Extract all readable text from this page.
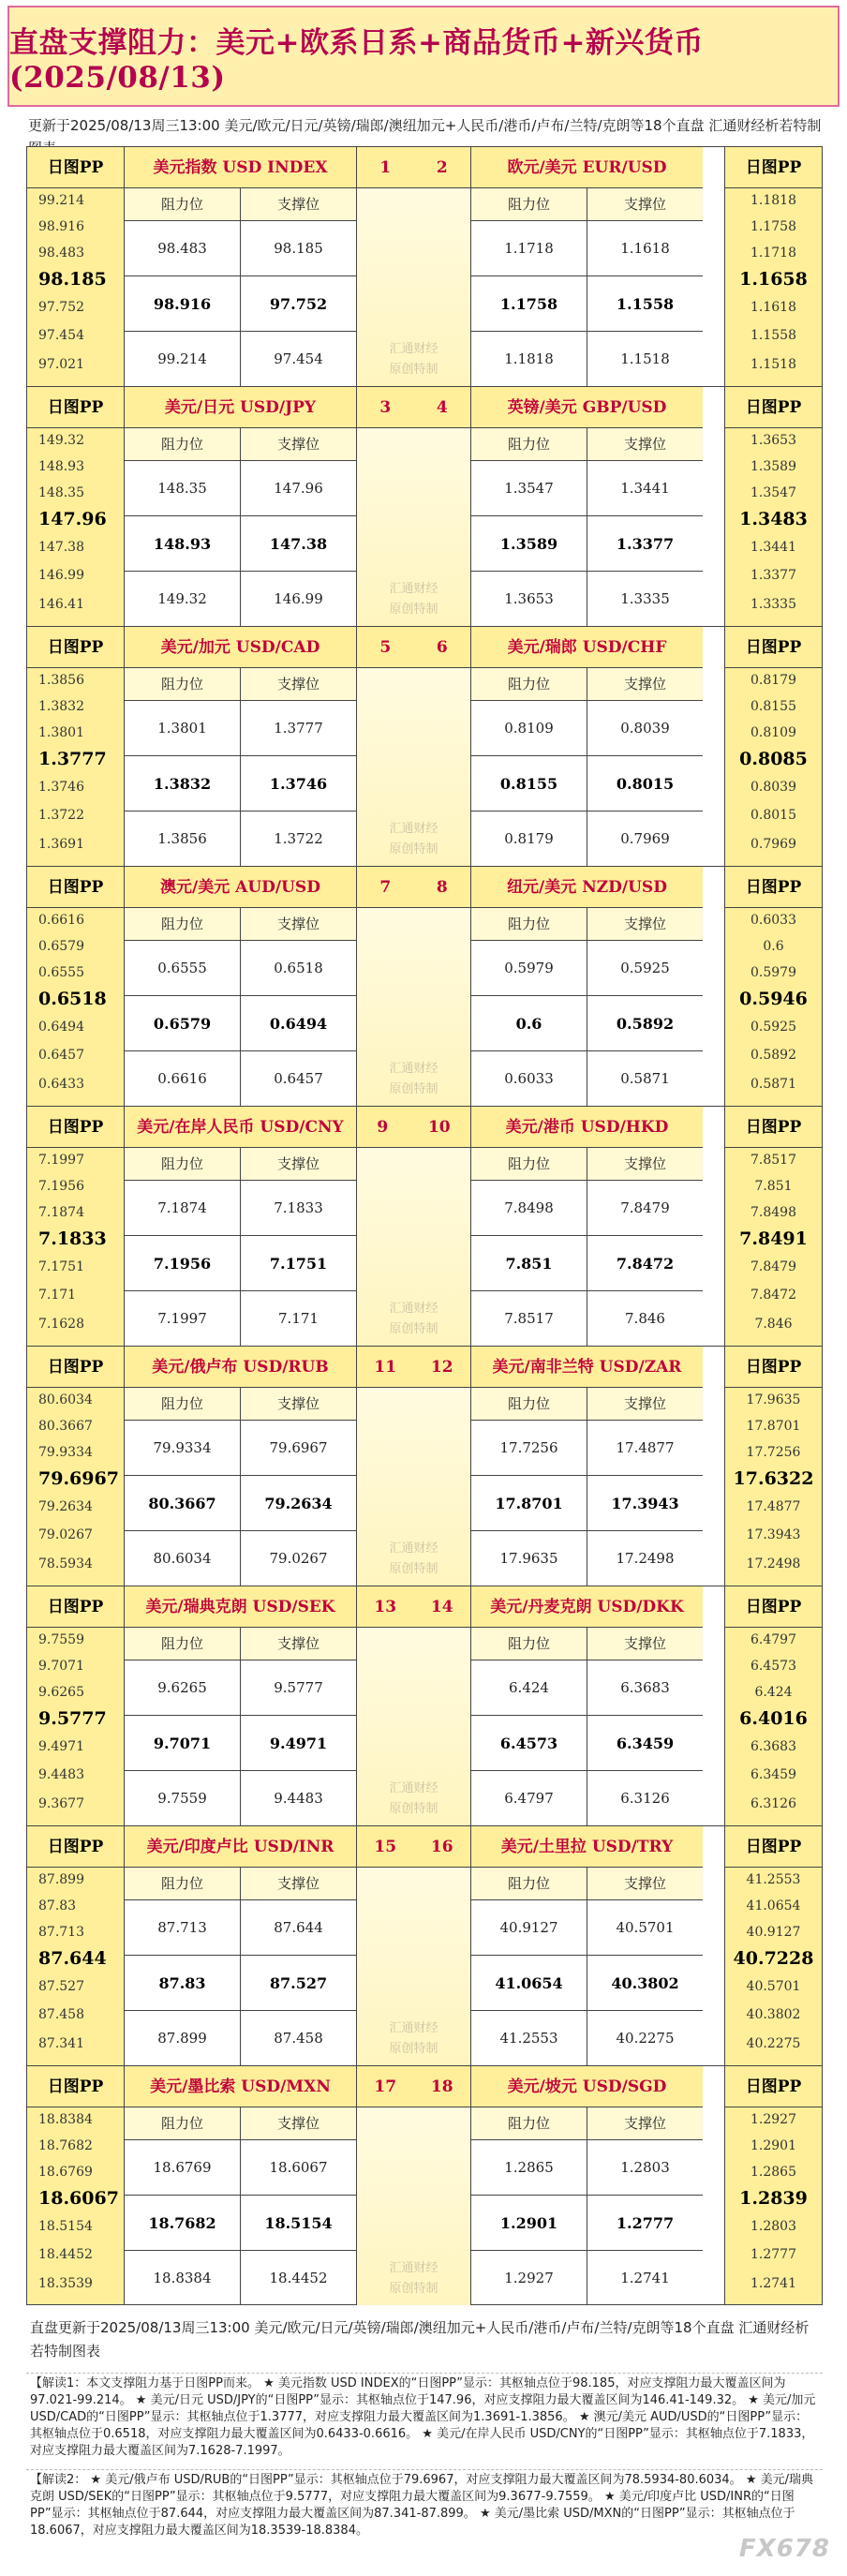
直盘支撑阻力：美元+欧系日系+商品货币+新兴货币(2025/08/13)
更新于2025/08/13周三13:00 美元/欧元/日元/英镑/瑞郎/澳纽加元+人民币/港币/卢布/兰特/克朗等18个直盘 汇通财经析若特制
日图PP
99.214
98.916
98.483
98.185
97.752
97.454
97.021
日图PP
1.1818
1.1758
1.1718
1.1658
1.1618
1.1558
1.1518
美元指数 USD INDEX
阻力位	支撑位
98.483	98.185
98.916	97.752
99.214	97.454
欧元/美元 EUR/USD
阻力位	支撑位
1.1718	1.1618
1.1758	1.1558
1.1818	1.1518
1	2
汇通财经
原创特制
日图PP
149.32
148.93
148.35
147.96
147.38
146.99
146.41
日图PP
1.3653
1.3589
1.3547
1.3483
1.3441
1.3377
1.3335
美元/日元 USD/JPY
阻力位	支撑位
148.35	147.96
148.93	147.38
149.32	146.99
英镑/美元 GBP/USD
阻力位	支撑位
1.3547	1.3441
1.3589	1.3377
1.3653	1.3335
3	4
汇通财经
原创特制
日图PP
1.3856
1.3832
1.3801
1.3777
1.3746
1.3722
1.3691
日图PP
0.8179
0.8155
0.8109
0.8085
0.8039
0.8015
0.7969
美元/加元 USD/CAD
阻力位	支撑位
1.3801	1.3777
1.3832	1.3746
1.3856	1.3722
美元/瑞郎 USD/CHF
阻力位	支撑位
0.8109	0.8039
0.8155	0.8015
0.8179	0.7969
5	6
汇通财经
原创特制
日图PP
0.6616
0.6579
0.6555
0.6518
0.6494
0.6457
0.6433
日图PP
0.6033
0.6
0.5979
0.5946
0.5925
0.5892
0.5871
澳元/美元 AUD/USD
阻力位	支撑位
0.6555	0.6518
0.6579	0.6494
0.6616	0.6457
纽元/美元 NZD/USD
阻力位	支撑位
0.5979	0.5925
0.6	0.5892
0.6033	0.5871
7	8
汇通财经
原创特制
日图PP
7.1997
7.1956
7.1874
7.1833
7.1751
7.171
7.1628
日图PP
7.8517
7.851
7.8498
7.8491
7.8479
7.8472
7.846
美元/在岸人民币 USD/CNY
阻力位	支撑位
7.1874	7.1833
7.1956	7.1751
7.1997	7.171
美元/港币 USD/HKD
阻力位	支撑位
7.8498	7.8479
7.851	7.8472
7.8517	7.846
9	10
汇通财经
原创特制
日图PP
80.6034
80.3667
79.9334
79.6967
79.2634
79.0267
78.5934
日图PP
17.9635
17.8701
17.7256
17.6322
17.4877
17.3943
17.2498
美元/俄卢布 USD/RUB
阻力位	支撑位
79.9334	79.6967
80.3667	79.2634
80.6034	79.0267
美元/南非兰特 USD/ZAR
阻力位	支撑位
17.7256	17.4877
17.8701	17.3943
17.9635	17.2498
11 12
汇通财经
原创特制
日图PP
9.7559
9.7071
9.6265
9.5777
9.4971
9.4483
9.3677
日图PP
6.4797
6.4573
6.424
6.4016
6.3683
6.3459
6.3126
美元/瑞典克朗 USD/SEK
阻力位	支撑位
9.6265	9.5777
9.7071	9.4971
9.7559	9.4483
美元/丹麦克朗 USD/DKK
阻力位	支撑位
6.424	6.3683
6.4573	6.3459
6.4797	6.3126
13 14
汇通财经
原创特制
日图PP
87.899
87.83
87.713
87.644
87.527
87.458
87.341
日图PP
41.2553
41.0654
40.9127
40.7228
40.5701
40.3802
40.2275
美元/印度卢比 USD/INR
阻力位	支撑位
87.713	87.644
87.83	87.527
87.899	87.458
美元/土里拉 USD/TRY
阻力位	支撑位
40.9127	40.5701
41.0654	40.3802
41.2553	40.2275
15 16
汇通财经
原创特制
日图PP
18.8384
18.7682
18.6769
18.6067
18.5154
18.4452
18.3539
日图PP
1.2927
1.2901
1.2865
1.2839
1.2803
1.2777
1.2741
美元/墨比索 USD/MXN
阻力位	支撑位
18.6769	18.6067
18.7682	18.5154
18.8384	18.4452
美元/坡元 USD/SGD
阻力位	支撑位
1.2865	1.2803
1.2901	1.2777
1.2927	1.2741
17 18
汇通财经
原创特制
直盘更新于2025/08/13周三13:00 美元/欧元/日元/英镑/瑞郎/澳纽加元+人民币/港币/卢布/兰特/克朗等18个直盘 汇通财经析若特制图表
【解读1：本文支撑阻力基于日图PP而来。 ★ 美元指数 USD INDEX的“日图PP”显示：其枢轴点位于98.185，对应支撑阻力最大覆盖区间为97.021-99.214。 ★ 美元/日元 USD/JPY的“日图PP”显示：其枢轴点位于147.96，对应支撑阻力最大覆盖区间为146.41-149.32。 ★ 美元/加元 USD/CAD的“日图PP”显示：其枢轴点位于1.3777，对应支撑阻力最大覆盖区间为1.3691-1.3856。 ★ 澳元/美元 AUD/USD的“日图PP”显示：其枢轴点位于0.6518，对应支撑阻力最大覆盖区间为0.6433-0.6616。 ★ 美元/在岸人民币 USD/CNY的“日图PP”显示：其枢轴点位于7.1833，对应支撑阻力最大覆盖区间为7.1628-7.1997。
【解读2： ★ 美元/俄卢布 USD/RUB的“日图PP”显示：其枢轴点位于79.6967，对应支撑阻力最大覆盖区间为78.5934-80.6034。 ★ 美元/瑞典克朗 USD/SEK的“日图PP”显示：其枢轴点位于9.5777，对应支撑阻力最大覆盖区间为9.3677-9.7559。 ★ 美元/印度卢比 USD/INR的“日图PP”显示：其枢轴点位于87.644，对应支撑阻力最大覆盖区间为87.341-87.899。 ★ 美元/墨比索 USD/MXN的“日图PP”显示：其枢轴点位于18.6067，对应支撑阻力最大覆盖区间为18.3539-18.8384。
FX678
